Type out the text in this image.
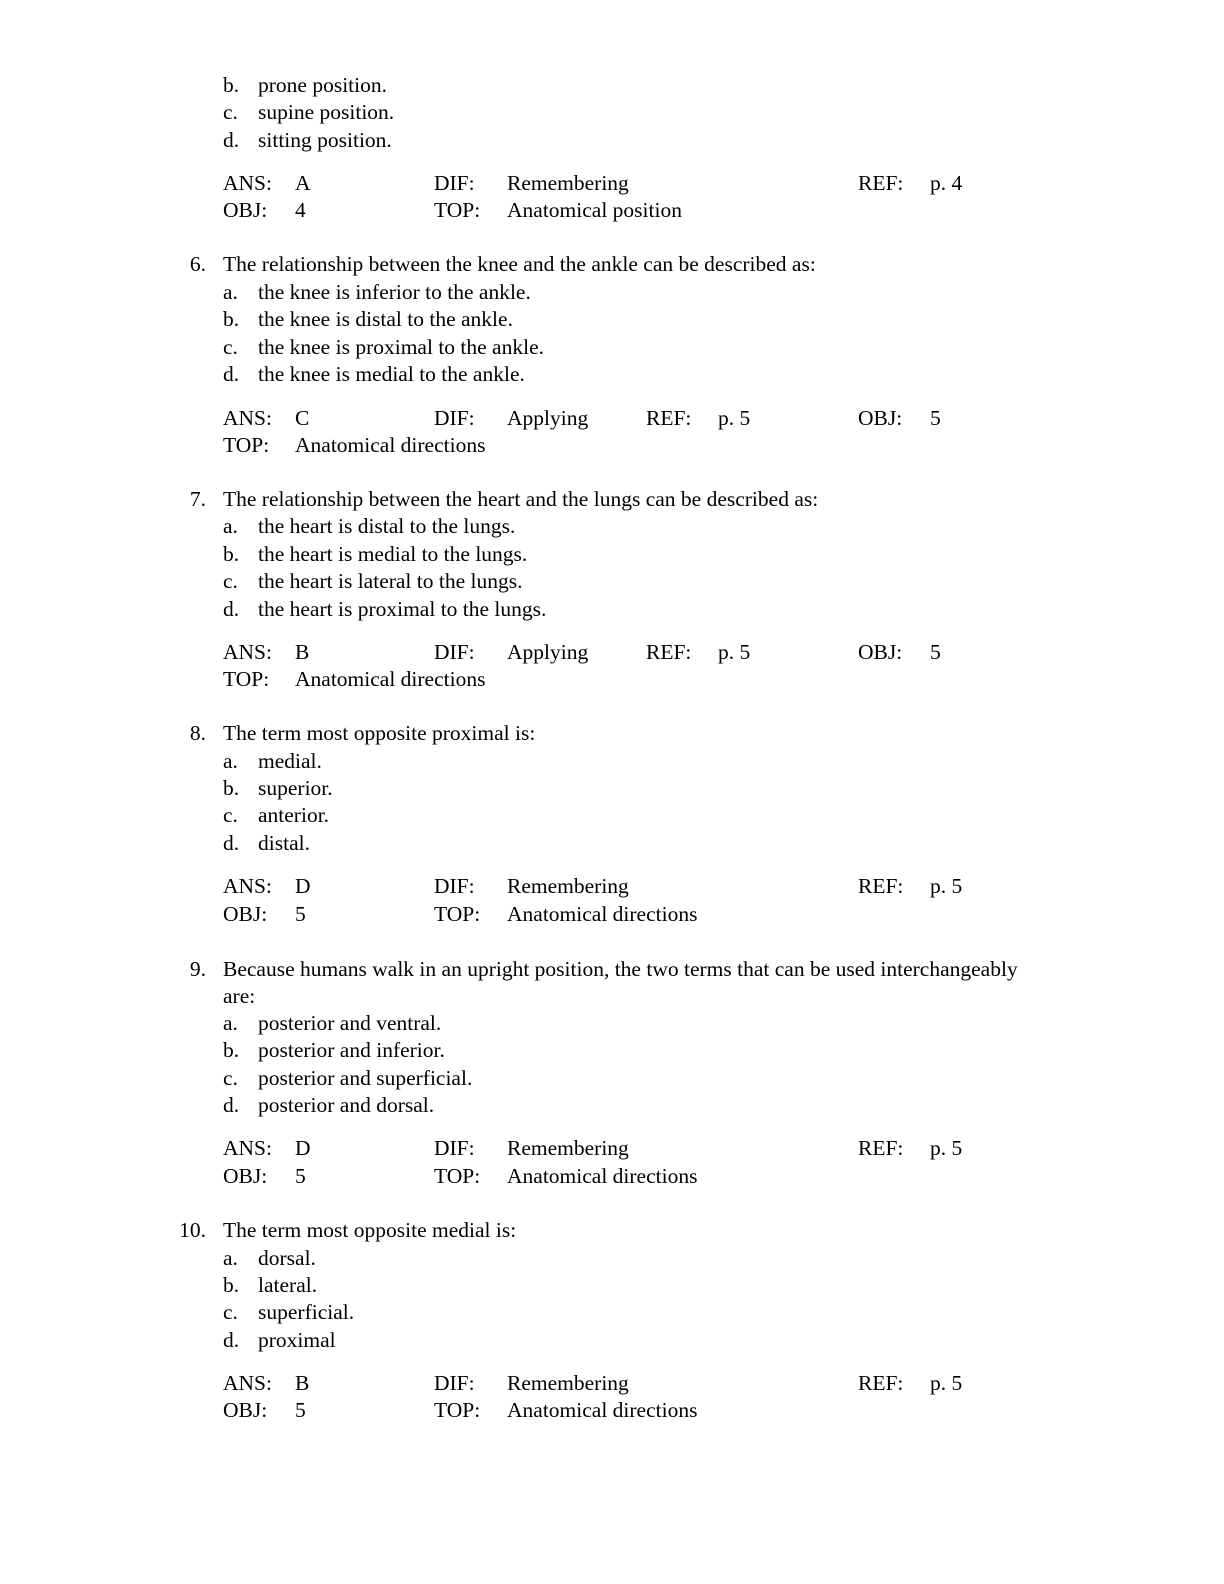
b. prone position.
c. supine position.
d. sitting position.
ANS: A	DIF: Remembering	REF: p. 4
OBJ: 4	TOP: Anatomical position
6. The relationship between the knee and the ankle can be described as:
a. the knee is inferior to the ankle.
b. the knee is distal to the ankle.
c. the knee is proximal to the ankle.
d. the knee is medial to the ankle.
ANS: C	DIF: Applying	REF: p. 5	OBJ: 5
TOP: Anatomical directions
7. The relationship between the heart and the lungs can be described as:
a. the heart is distal to the lungs.
b. the heart is medial to the lungs.
c. the heart is lateral to the lungs.
d. the heart is proximal to the lungs.
ANS: B	DIF: Applying	REF: p. 5	OBJ: 5
TOP: Anatomical directions
8. The term most opposite proximal is:
a. medial.
b. superior.
c. anterior.
d. distal.
ANS: D	DIF: Remembering	REF: p. 5
OBJ: 5	TOP: Anatomical directions
9. Because humans walk in an upright position, the two terms that can be used interchangeably
are:
a. posterior and ventral.
b. posterior and inferior.
c. posterior and superficial.
d. posterior and dorsal.
ANS: D	DIF: Remembering	REF: p. 5
OBJ: 5	TOP: Anatomical directions
10. The term most opposite medial is:
a. dorsal.
b. lateral.
c. superficial.
d. proximal
ANS: B	DIF: Remembering	REF: p. 5
OBJ: 5	TOP: Anatomical directions
